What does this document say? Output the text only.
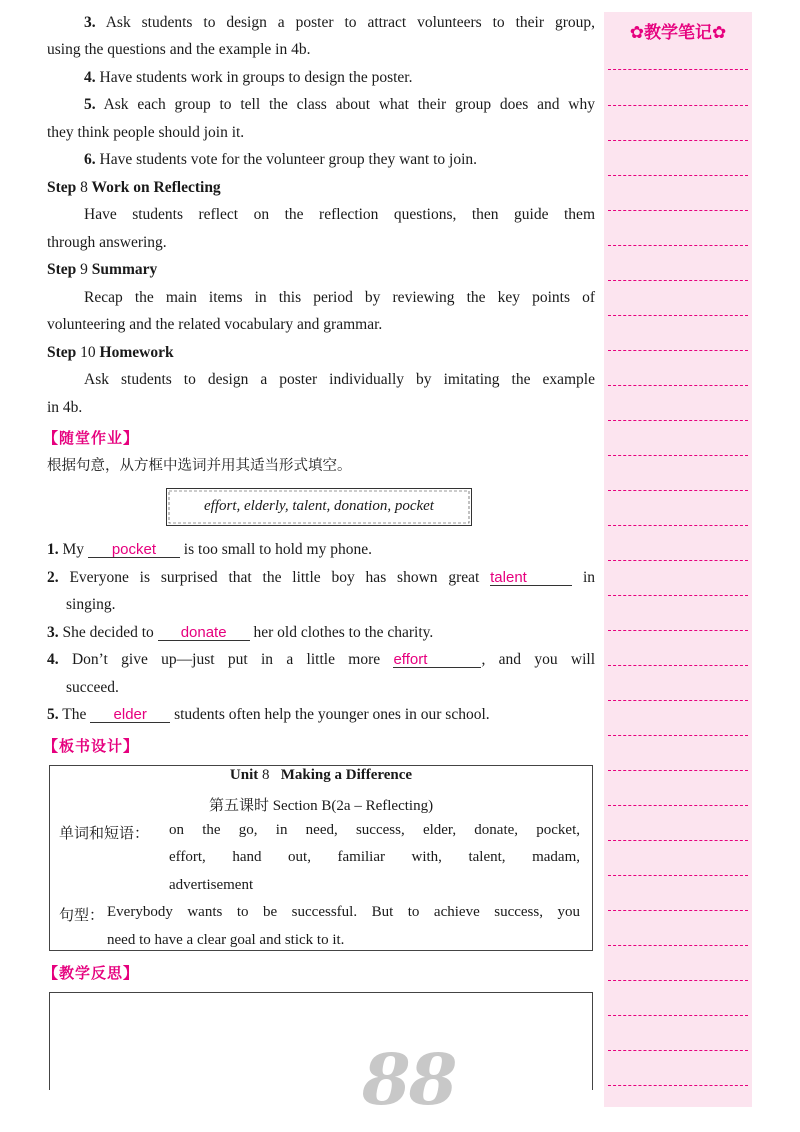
3. Ask students to design a poster to attract volunteers to their group,
using the questions and the example in 4b.
4. Have students work in groups to design the poster.
5. Ask each group to tell the class about what their group does and why
they think people should join it.
6. Have students vote for the volunteer group they want to join.
Step 8 Work on Reflecting
Have students reflect on the reflection questions, then guide them
through answering.
Step 9 Summary
Recap the main items in this period by reviewing the key points of
volunteering and the related vocabulary and grammar.
Step 10 Homework
Ask students to design a poster individually by imitating the example
in 4b.
【随堂作业】
根据句意，从方框中选词并用其适当形式填空。
effort, elderly, talent, donation, pocket
1. My pocket is too small to hold my phone.
2. Everyone is surprised that the little boy has shown great talent	in
singing.
3. She decided to donate her old clothes to the charity.
4. Don’t give up—just put in a little more effort	, and you will
succeed.
5. The elder students often help the younger ones in our school.
【板书设计】
Unit 8 Making a Difference
第五课时 Section B(2a – Reflecting)
单词和短语： on the go, in need, success, elder, donate, pocket,
effort, hand out, familiar with, talent, madam,
advertisement
句型： Everybody wants to be successful. But to achieve success, you
need to have a clear goal and stick to it.
【教学反思】
88
✿教学笔记✿
